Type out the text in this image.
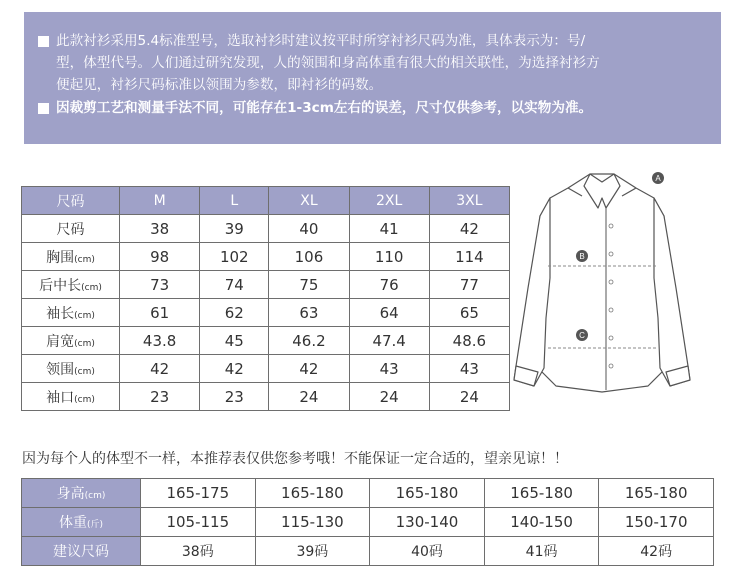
此款衬衫采用5.4标准型号，选取衬衫时建议按平时所穿衬衫尺码为准，具体表示为：号/
型，体型代号。人们通过研究发现，人的领围和身高体重有很大的相关联性，为选择衬衫方
便起见，衬衫尺码标准以领围为参数，即衬衫的码数。
因裁剪工艺和测量手法不同，可能存在1-3cm左右的误差，尺寸仅供参考，以实物为准。
尺码	M	L	XL	2XL	3XL
尺码	38	39	40	41	42
胸围(cm)	98	102	106	110	114
后中长(cm)	73	74	75	76	77
袖长(cm)	61	62	63	64	65
肩宽(cm)	43.8	45	46.2	47.4	48.6
领围(cm)	42	42	42	43	43
袖口(cm)	23	23	24	24	24
A
B
C
因为每个人的体型不一样，本推荐表仅供您参考哦！不能保证一定合适的，望亲见谅！！
身高(cm)	165-175	165-180	165-180	165-180	165-180
体重(斤)	105-115	115-130	130-140	140-150	150-170
建议尺码	38码	39码	40码	41码	42码
